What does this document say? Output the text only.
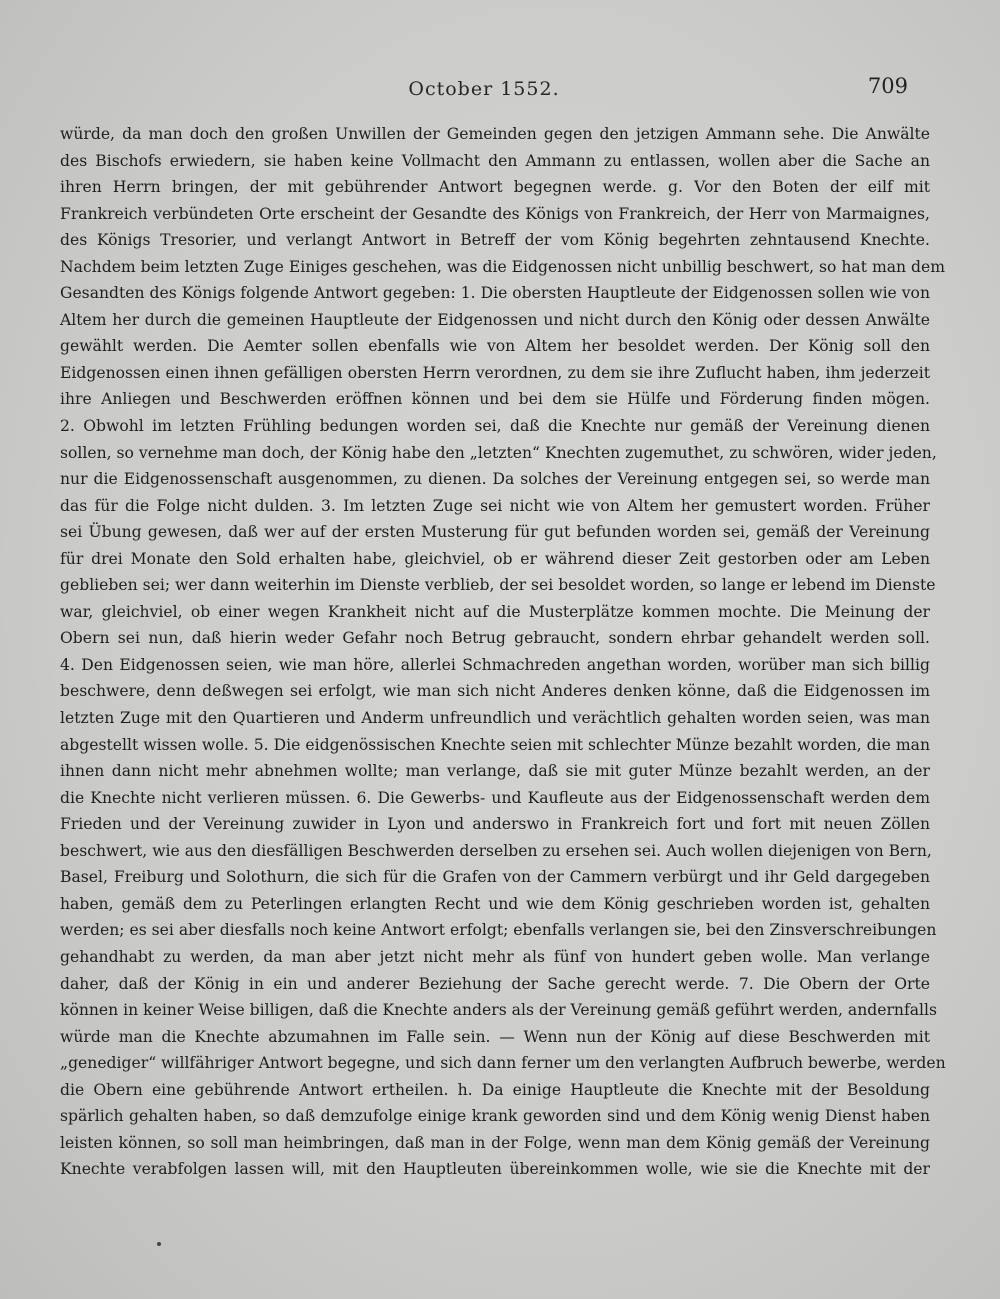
October 1552.	709
würde, da man doch den großen Unwillen der Gemeinden gegen den jetzigen Ammann sehe. Die Anwälte
des Bischofs erwiedern, sie haben keine Vollmacht den Ammann zu entlassen, wollen aber die Sache an
ihren Herrn bringen, der mit gebührender Antwort begegnen werde. g. Vor den Boten der eilf mit
Frankreich verbündeten Orte erscheint der Gesandte des Königs von Frankreich, der Herr von Marmaignes,
des Königs Tresorier, und verlangt Antwort in Betreff der vom König begehrten zehntausend Knechte.
Nachdem beim letzten Zuge Einiges geschehen, was die Eidgenossen nicht unbillig beschwert, so hat man dem
Gesandten des Königs folgende Antwort gegeben: 1. Die obersten Hauptleute der Eidgenossen sollen wie von
Altem her durch die gemeinen Hauptleute der Eidgenossen und nicht durch den König oder dessen Anwälte
gewählt werden. Die Aemter sollen ebenfalls wie von Altem her besoldet werden. Der König soll den
Eidgenossen einen ihnen gefälligen obersten Herrn verordnen, zu dem sie ihre Zuflucht haben, ihm jederzeit
ihre Anliegen und Beschwerden eröffnen können und bei dem sie Hülfe und Förderung finden mögen.
2. Obwohl im letzten Frühling bedungen worden sei, daß die Knechte nur gemäß der Vereinung dienen
sollen, so vernehme man doch, der König habe den „letzten“ Knechten zugemuthet, zu schwören, wider jeden,
nur die Eidgenossenschaft ausgenommen, zu dienen. Da solches der Vereinung entgegen sei, so werde man
das für die Folge nicht dulden. 3. Im letzten Zuge sei nicht wie von Altem her gemustert worden. Früher
sei Übung gewesen, daß wer auf der ersten Musterung für gut befunden worden sei, gemäß der Vereinung
für drei Monate den Sold erhalten habe, gleichviel, ob er während dieser Zeit gestorben oder am Leben
geblieben sei; wer dann weiterhin im Dienste verblieb, der sei besoldet worden, so lange er lebend im Dienste
war, gleichviel, ob einer wegen Krankheit nicht auf die Musterplätze kommen mochte. Die Meinung der
Obern sei nun, daß hierin weder Gefahr noch Betrug gebraucht, sondern ehrbar gehandelt werden soll.
4. Den Eidgenossen seien, wie man höre, allerlei Schmachreden angethan worden, worüber man sich billig
beschwere, denn deßwegen sei erfolgt, wie man sich nicht Anderes denken könne, daß die Eidgenossen im
letzten Zuge mit den Quartieren und Anderm unfreundlich und verächtlich gehalten worden seien, was man
abgestellt wissen wolle. 5. Die eidgenössischen Knechte seien mit schlechter Münze bezahlt worden, die man
ihnen dann nicht mehr abnehmen wollte; man verlange, daß sie mit guter Münze bezahlt werden, an der
die Knechte nicht verlieren müssen. 6. Die Gewerbs- und Kaufleute aus der Eidgenossenschaft werden dem
Frieden und der Vereinung zuwider in Lyon und anderswo in Frankreich fort und fort mit neuen Zöllen
beschwert, wie aus den diesfälligen Beschwerden derselben zu ersehen sei. Auch wollen diejenigen von Bern,
Basel, Freiburg und Solothurn, die sich für die Grafen von der Cammern verbürgt und ihr Geld dargegeben
haben, gemäß dem zu Peterlingen erlangten Recht und wie dem König geschrieben worden ist, gehalten
werden; es sei aber diesfalls noch keine Antwort erfolgt; ebenfalls verlangen sie, bei den Zinsverschreibungen
gehandhabt zu werden, da man aber jetzt nicht mehr als fünf von hundert geben wolle. Man verlange
daher, daß der König in ein und anderer Beziehung der Sache gerecht werde. 7. Die Obern der Orte
können in keiner Weise billigen, daß die Knechte anders als der Vereinung gemäß geführt werden, andernfalls
würde man die Knechte abzumahnen im Falle sein. — Wenn nun der König auf diese Beschwerden mit
„genediger“ willfähriger Antwort begegne, und sich dann ferner um den verlangten Aufbruch bewerbe, werden
die Obern eine gebührende Antwort ertheilen. h. Da einige Hauptleute die Knechte mit der Besoldung
spärlich gehalten haben, so daß demzufolge einige krank geworden sind und dem König wenig Dienst haben
leisten können, so soll man heimbringen, daß man in der Folge, wenn man dem König gemäß der Vereinung
Knechte verabfolgen lassen will, mit den Hauptleuten übereinkommen wolle, wie sie die Knechte mit der
